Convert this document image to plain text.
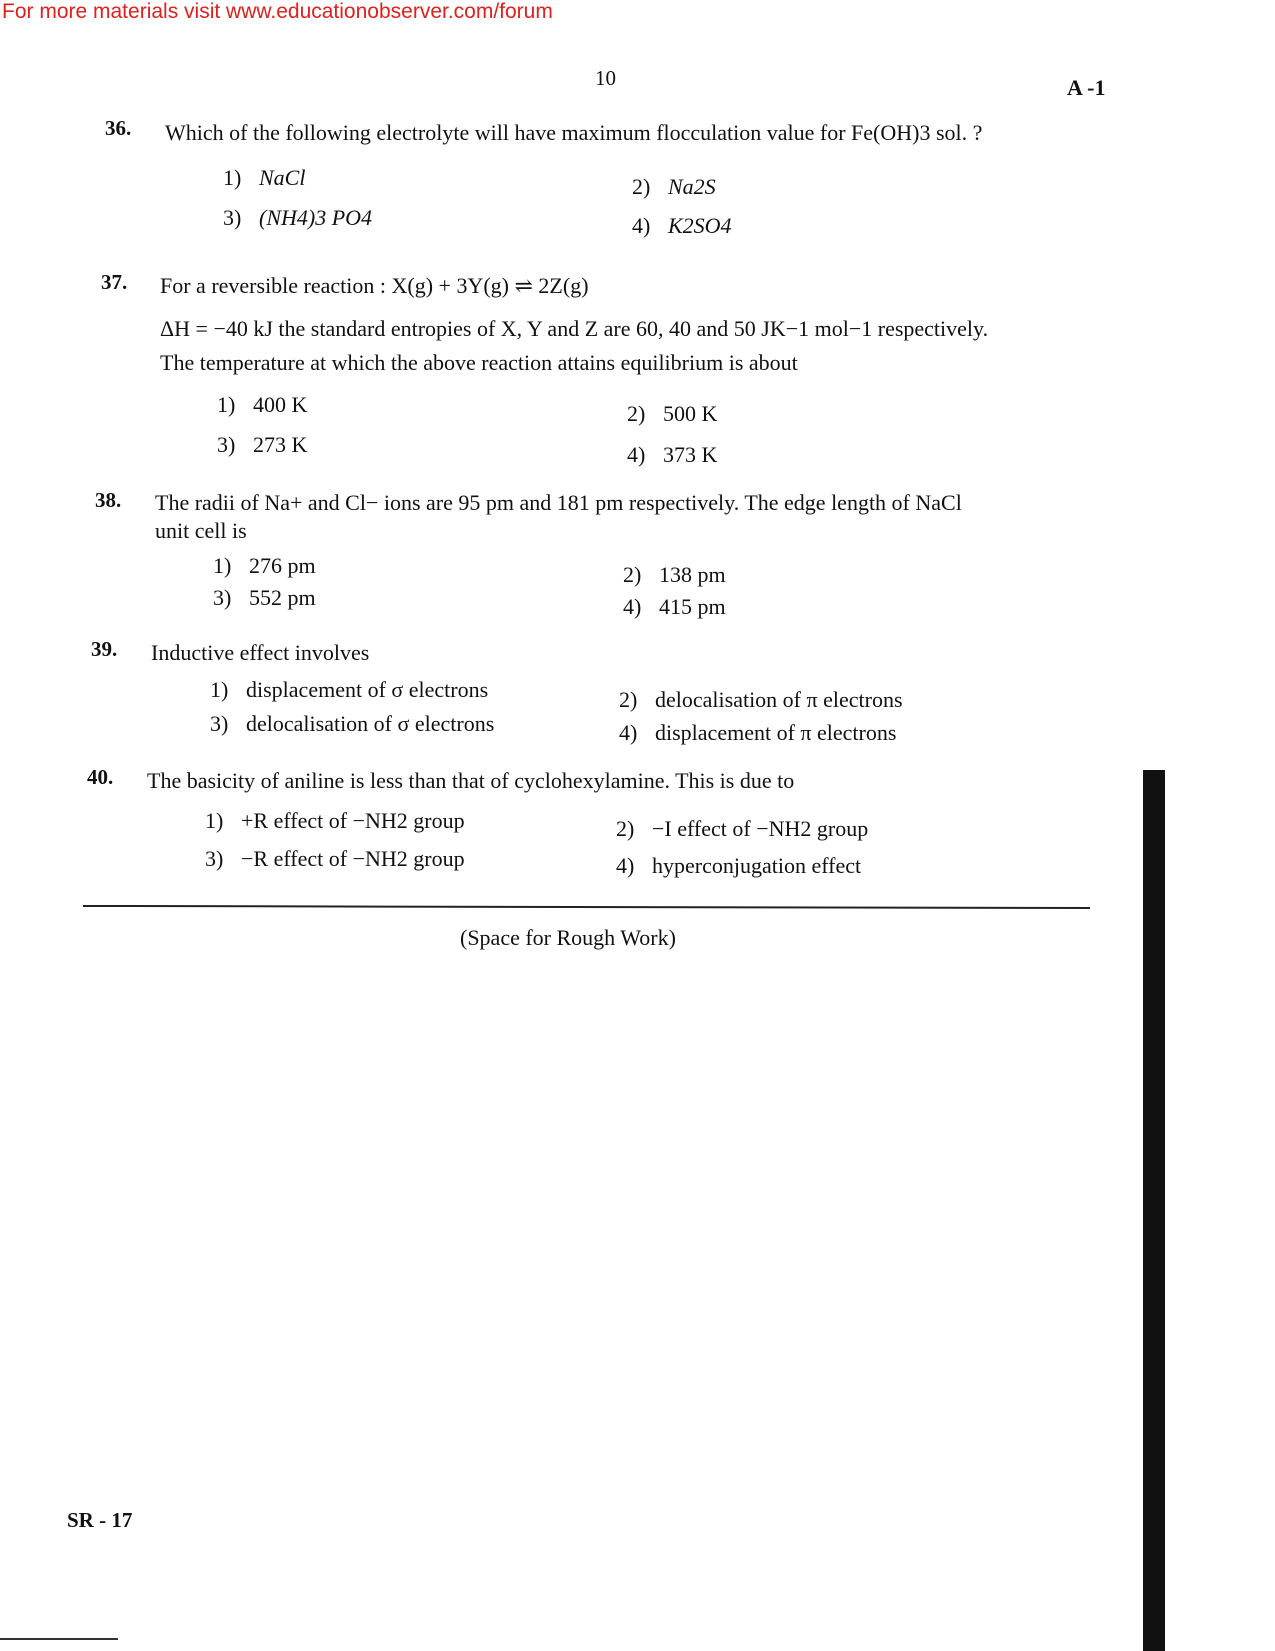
For more materials visit www.educationobserver.com/forum
10	A -1
36. Which of the following electrolyte will have maximum flocculation value for Fe(OH)3 sol. ?
1) NaCl	2) Na2S
3) (NH4)3 PO4	4) K2SO4
37. For a reversible reaction : X(g) + 3Y(g) ⇌ 2Z(g)
ΔH = −40 kJ the standard entropies of X, Y and Z are 60, 40 and 50 JK−1 mol−1 respectively.
The temperature at which the above reaction attains equilibrium is about
1) 400 K	2) 500 K
3) 273 K	4) 373 K
38. The radii of Na+ and Cl− ions are 95 pm and 181 pm respectively. The edge length of NaCl
unit cell is
1) 276 pm	2) 138 pm
3) 552 pm	4) 415 pm
39. Inductive effect involves
1) displacement of σ electrons	2) delocalisation of π electrons
3) delocalisation of σ electrons	4) displacement of π electrons
40. The basicity of aniline is less than that of cyclohexylamine. This is due to
1) +R effect of −NH2 group	2) −I effect of −NH2 group
3) −R effect of −NH2 group	4) hyperconjugation effect
(Space for Rough Work)
SR - 17
